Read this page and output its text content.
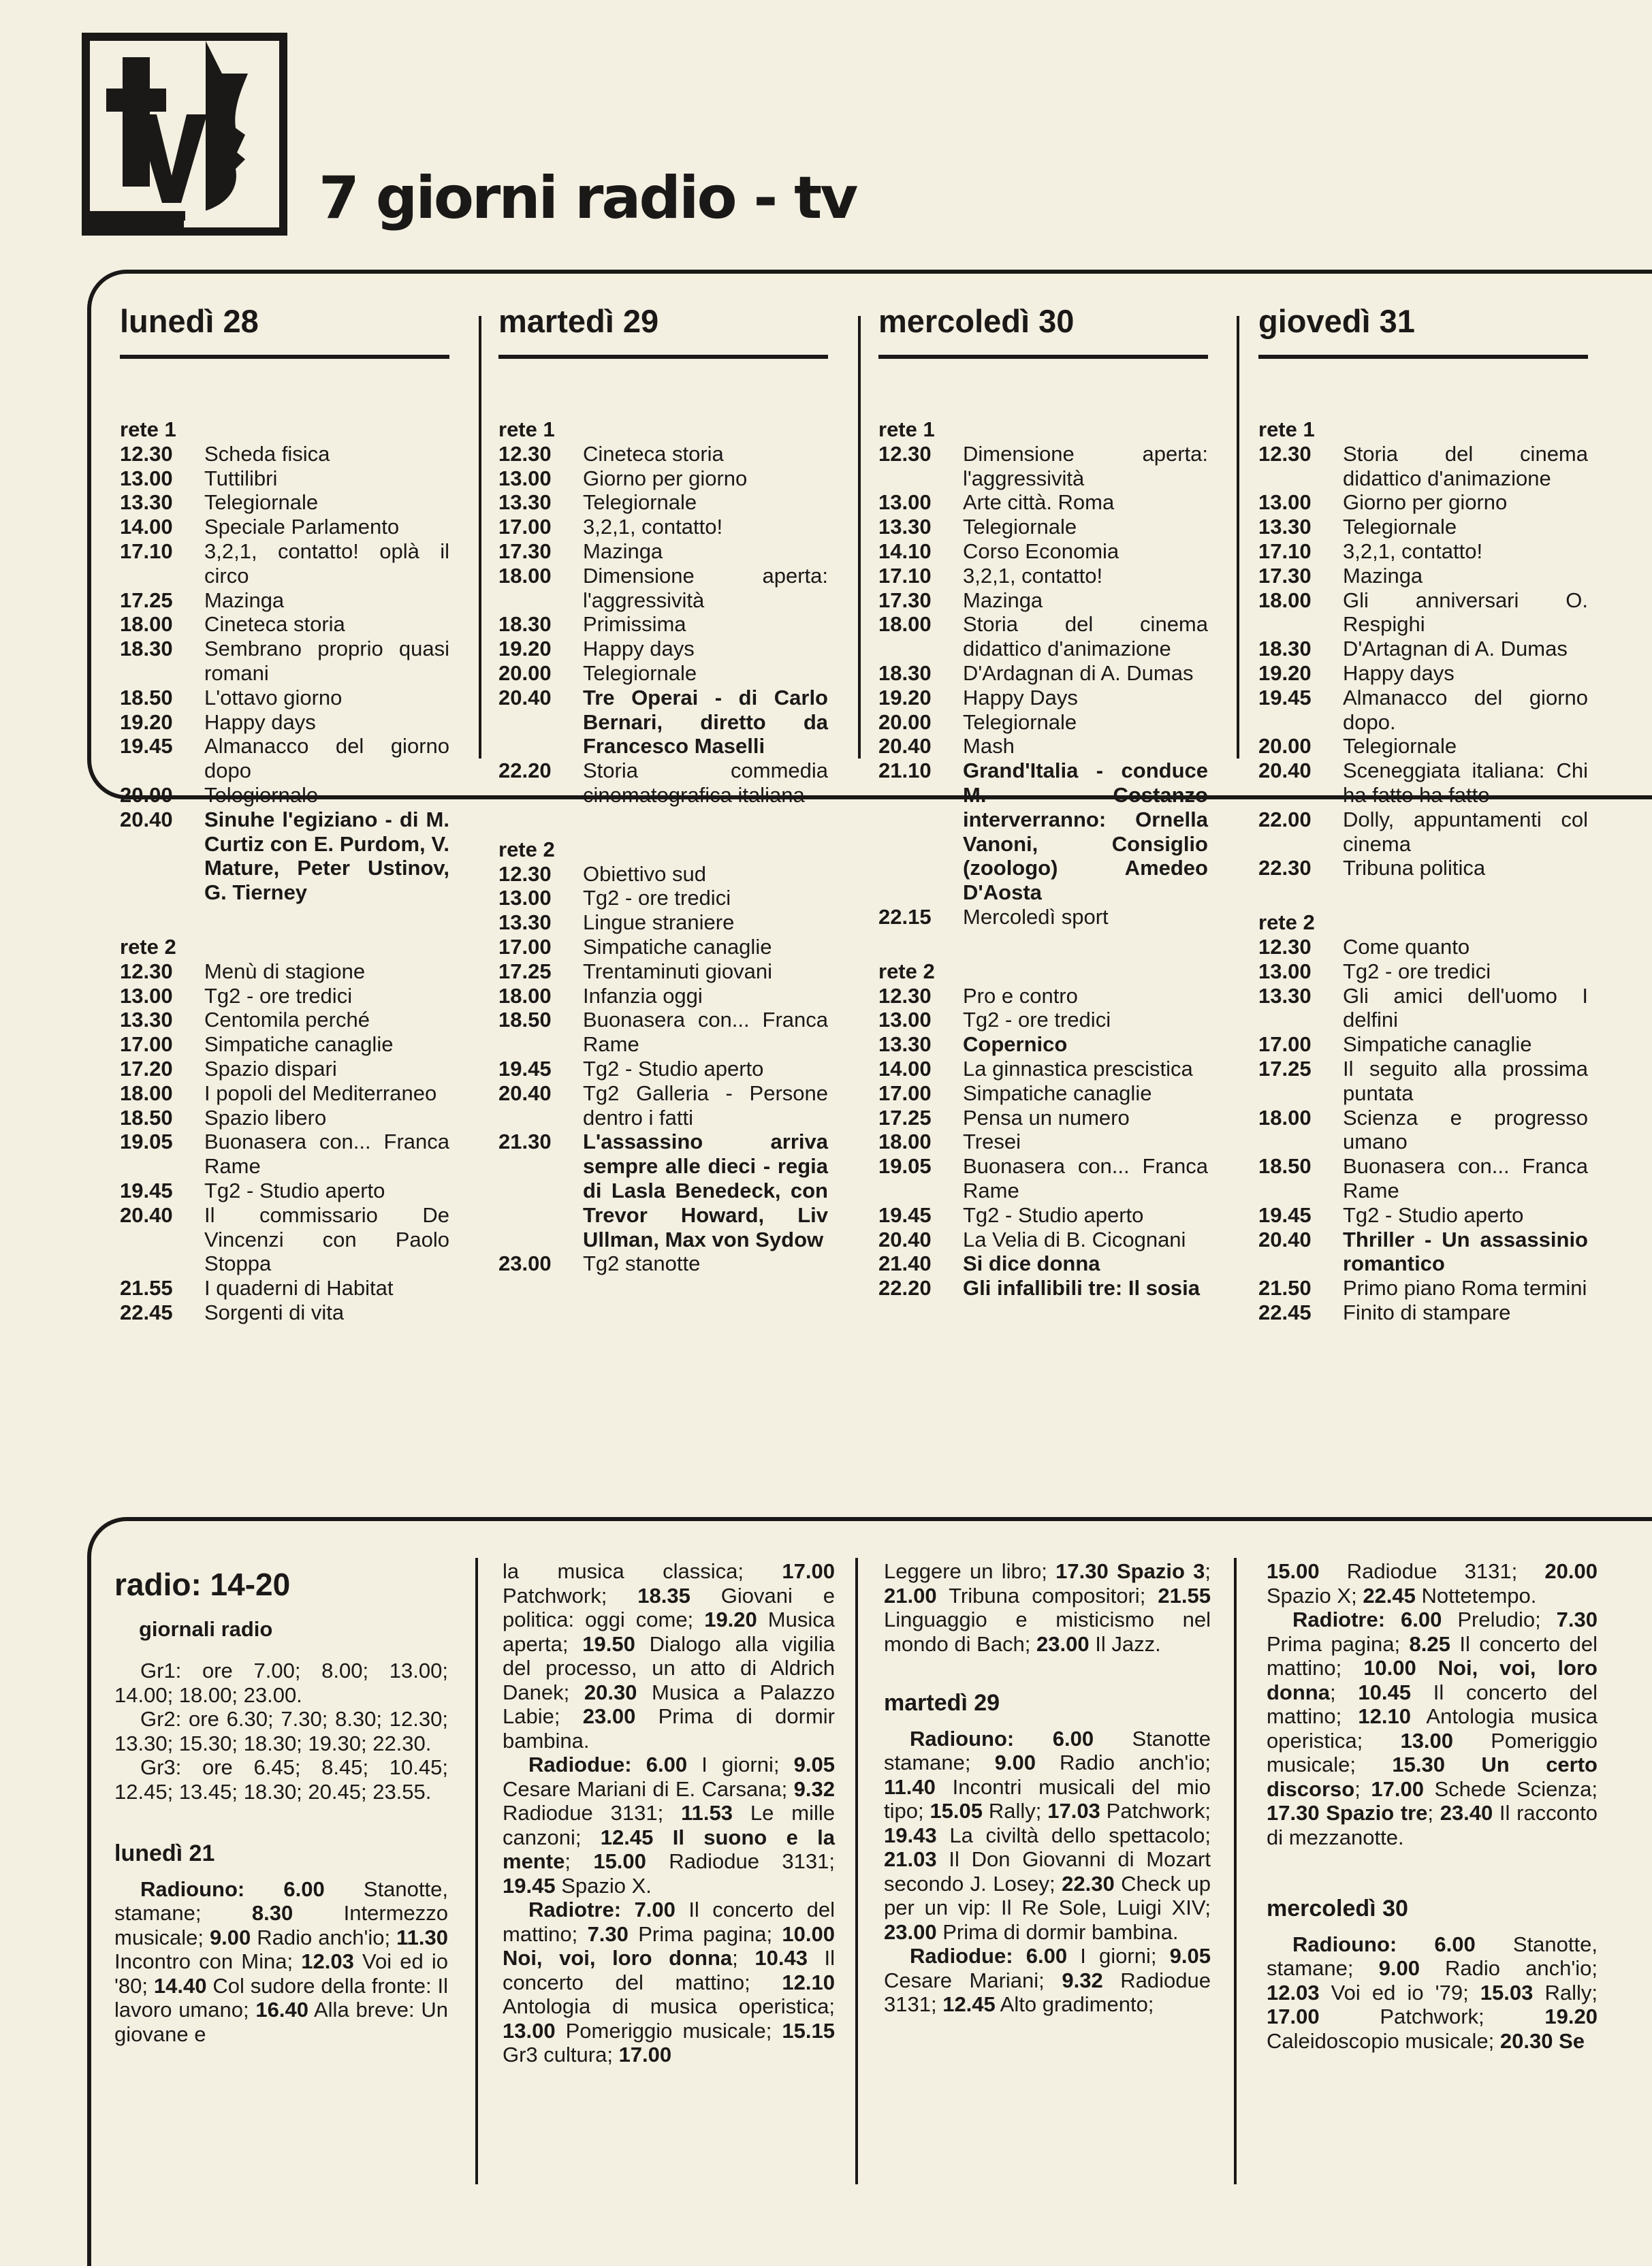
7 giorni radio - tv
lunedì 28
rete 1
12.30	Scheda fisica
13.00	Tuttilibri
13.30	Telegiornale
14.00	Speciale Parlamento
17.10	3,2,1, contatto! oplà il circo
17.25	Mazinga
18.00	Cineteca storia
18.30	Sembrano proprio quasi romani
18.50	L'ottavo giorno
19.20	Happy days
19.45	Almanacco del giorno dopo
20.00	Telegiornale
20.40	Sinuhe l'egiziano - di M. Curtiz con E. Purdom, V. Mature, Peter Ustinov, G. Tierney
rete 2
12.30	Menù di stagione
13.00	Tg2 - ore tredici
13.30	Centomila perché
17.00	Simpatiche canaglie
17.20	Spazio dispari
18.00	I popoli del Mediterraneo
18.50	Spazio libero
19.05	Buonasera con... Franca Rame
19.45	Tg2 - Studio aperto
20.40	Il commissario De Vincenzi con Paolo Stoppa
21.55	I quaderni di Habitat
22.45	Sorgenti di vita
martedì 29
rete 1
12.30	Cineteca storia
13.00	Giorno per giorno
13.30	Telegiornale
17.00	3,2,1, contatto!
17.30	Mazinga
18.00	Dimensione aperta: l'aggressività
18.30	Primissima
19.20	Happy days
20.00	Telegiornale
20.40	Tre Operai - di Carlo Bernari, diretto da Francesco Maselli
22.20	Storia commedia cinematografica italiana
rete 2
12.30	Obiettivo sud
13.00	Tg2 - ore tredici
13.30	Lingue straniere
17.00	Simpatiche canaglie
17.25	Trentaminuti giovani
18.00	Infanzia oggi
18.50	Buonasera con... Franca Rame
19.45	Tg2 - Studio aperto
20.40	Tg2 Galleria - Persone dentro i fatti
21.30	L'assassino arriva sempre alle dieci - regia di Lasla Benedeck, con Trevor Howard, Liv Ullman, Max von Sydow
23.00	Tg2 stanotte
mercoledì 30
rete 1
12.30	Dimensione aperta: l'aggressività
13.00	Arte città. Roma
13.30	Telegiornale
14.10	Corso Economia
17.10	3,2,1, contatto!
17.30	Mazinga
18.00	Storia del cinema didattico d'animazione
18.30	D'Ardagnan di A. Dumas
19.20	Happy Days
20.00	Telegiornale
20.40	Mash
21.10	Grand'Italia - conduce M. Costanzo interverranno: Ornella Vanoni, Consiglio (zoologo) Amedeo D'Aosta
22.15	Mercoledì sport
rete 2
12.30	Pro e contro
13.00	Tg2 - ore tredici
13.30	Copernico
14.00	La ginnastica prescistica
17.00	Simpatiche canaglie
17.25	Pensa un numero
18.00	Tresei
19.05	Buonasera con... Franca Rame
19.45	Tg2 - Studio aperto
20.40	La Velia di B. Cicognani
21.40	Si dice donna
22.20	Gli infallibili tre: Il sosia
giovedì 31
rete 1
12.30	Storia del cinema didattico d'animazione
13.00	Giorno per giorno
13.30	Telegiornale
17.10	3,2,1, contatto!
17.30	Mazinga
18.00	Gli anniversari O. Respighi
18.30	D'Artagnan di A. Dumas
19.20	Happy days
19.45	Almanacco del giorno dopo.
20.00	Telegiornale
20.40	Sceneggiata italiana: Chi ha fatto ha fatto
22.00	Dolly, appuntamenti col cinema
22.30	Tribuna politica
rete 2
12.30	Come quanto
13.00	Tg2 - ore tredici
13.30	Gli amici dell'uomo I delfini
17.00	Simpatiche canaglie
17.25	Il seguito alla prossima puntata
18.00	Scienza e progresso umano
18.50	Buonasera con... Franca Rame
19.45	Tg2 - Studio aperto
20.40	Thriller - Un assassinio romantico
21.50	Primo piano Roma termini
22.45	Finito di stampare
radio: 14-20
giornali radio

Gr1: ore 7.00; 8.00; 13.00; 14.00; 18.00; 23.00.

Gr2: ore 6.30; 7.30; 8.30; 12.30; 13.30; 15.30; 18.30; 19.30; 22.30.

Gr3: ore 6.45; 8.45; 10.45; 12.45; 13.45; 18.30; 20.45; 23.55.

lunedì 21

Radiouno: 6.00 Stanotte, stamane; 8.30 Intermezzo musicale; 9.00 Radio anch'io; 11.30 Incontro con Mina; 12.03 Voi ed io '80; 14.40 Col sudore della fronte: Il lavoro umano; 16.40 Alla breve: Un giovane e

la musica classica; 17.00 Patchwork; 18.35 Giovani e politica: oggi come; 19.20 Musica aperta; 19.50 Dialogo alla vigilia del processo, un atto di Aldrich Danek; 20.30 Musica a Palazzo Labie; 23.00 Prima di dormir bambina.

Radiodue: 6.00 I giorni; 9.05 Cesare Mariani di E. Carsana; 9.32 Radiodue 3131; 11.53 Le mille canzoni; 12.45 Il suono e la mente; 15.00 Radiodue 3131; 19.45 Spazio X.

Radiotre: 7.00 Il concerto del mattino; 7.30 Prima pagina; 10.00 Noi, voi, loro donna; 10.43 Il concerto del mattino; 12.10 Antologia di musica operistica; 13.00 Pomeriggio musicale; 15.15 Gr3 cultura; 17.00

Leggere un libro; 17.30 Spazio 3; 21.00 Tribuna compositori; 21.55 Linguaggio e misticismo nel mondo di Bach; 23.00 Il Jazz.

martedì 29

Radiouno: 6.00 Stanotte stamane; 9.00 Radio anch'io; 11.40 Incontri musicali del mio tipo; 15.05 Rally; 17.03 Patchwork; 19.43 La civiltà dello spettacolo; 21.03 Il Don Giovanni di Mozart secondo J. Losey; 22.30 Check up per un vip: Il Re Sole, Luigi XIV; 23.00 Prima di dormir bambina.

Radiodue: 6.00 I giorni; 9.05 Cesare Mariani; 9.32 Radiodue 3131; 12.45 Alto gradimento;

15.00 Radiodue 3131; 20.00 Spazio X; 22.45 Nottetempo.

Radiotre: 6.00 Preludio; 7.30 Prima pagina; 8.25 Il concerto del mattino; 10.00 Noi, voi, loro donna; 10.45 Il concerto del mattino; 12.10 Antologia musica operistica; 13.00 Pomeriggio musicale; 15.30 Un certo discorso; 17.00 Schede Scienza; 17.30 Spazio tre; 23.40 Il racconto di mezzanotte.

mercoledì 30

Radiouno: 6.00 Stanotte, stamane; 9.00 Radio anch'io; 12.03 Voi ed io '79; 15.03 Rally; 17.00 Patchwork; 19.20 Caleidoscopio musicale; 20.30 Se
